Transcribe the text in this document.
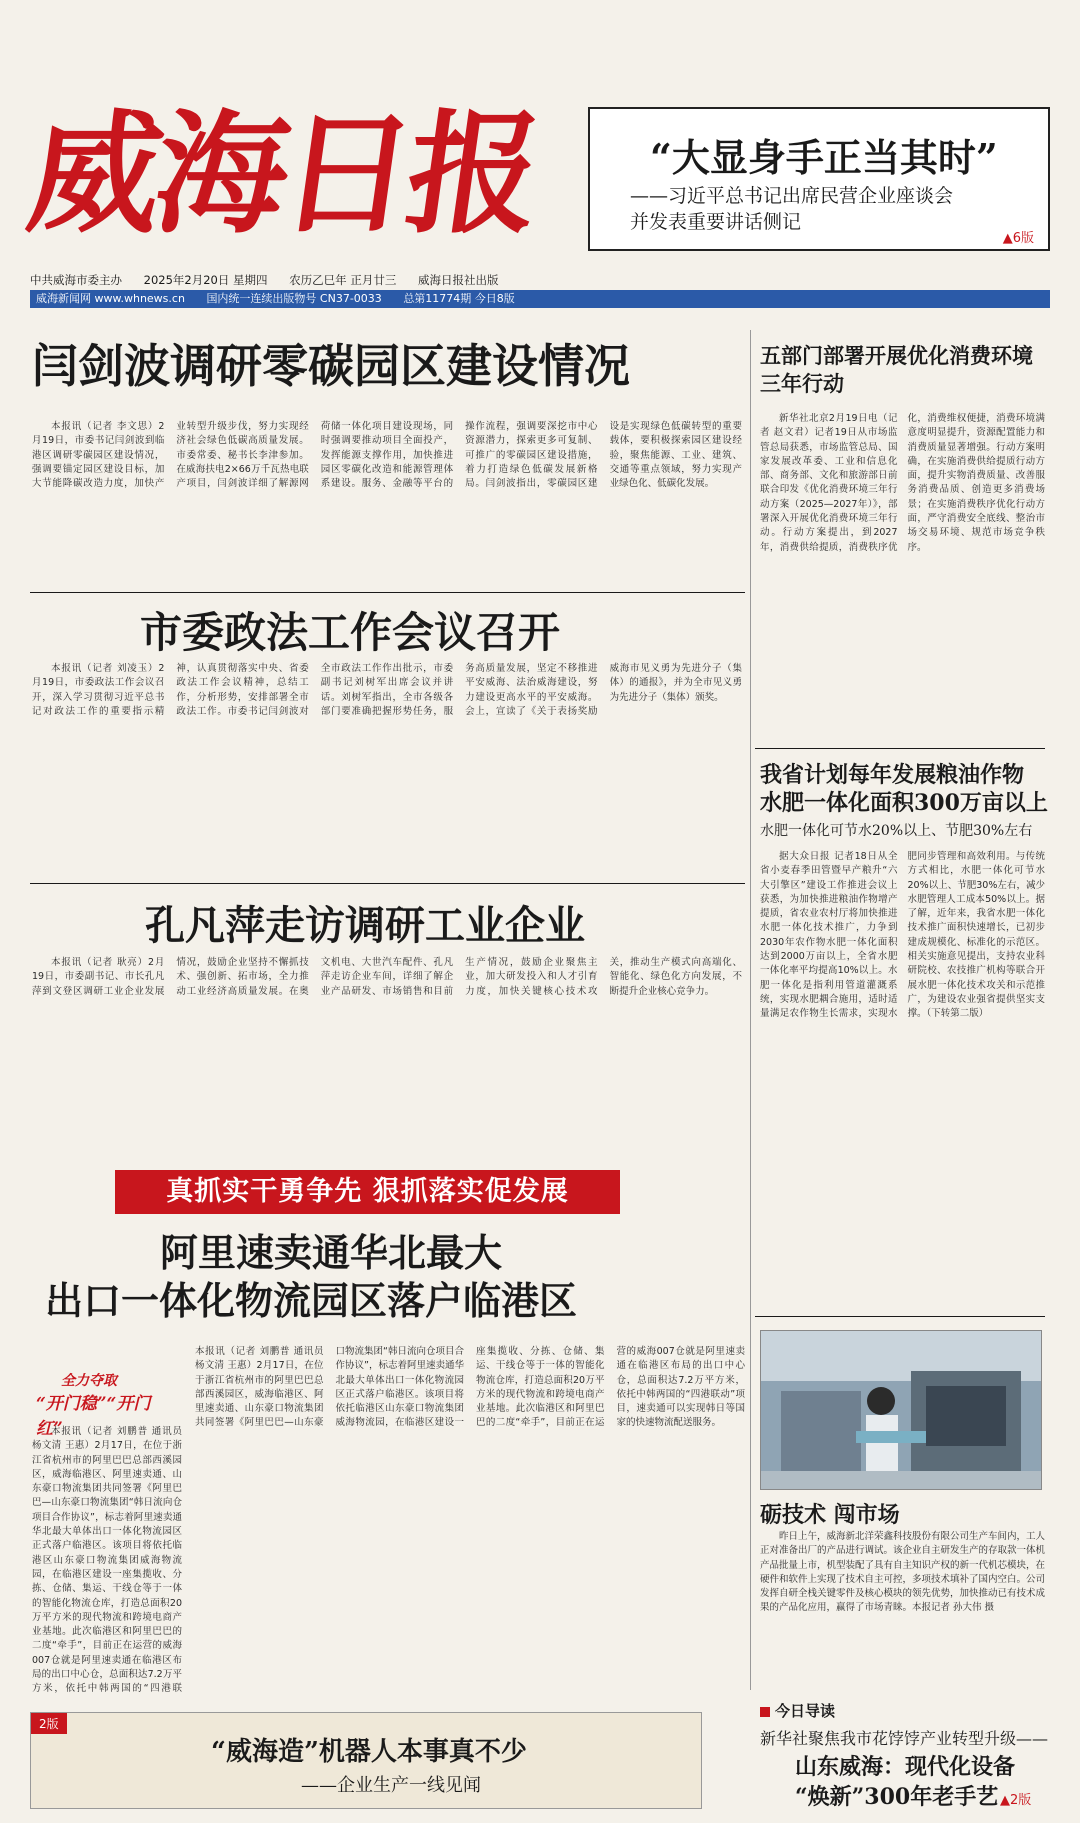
威海日报	“大显身手正当其时”
——习近平总书记出席民营企业座谈会
并发表重要讲话侧记
▲6版
中共威海市委主办 2025年2月20日 星期四 农历乙巳年 正月廿三 威海日报社出版
威海新闻网 www.whnews.cn 国内统一连续出版物号 CN37-0033 总第11774期 今日8版
闫剑波调研零碳园区建设情况
本报讯（记者 李文思）2月19日，市委书记闫剑波到临港区调研零碳园区建设情况，强调要锚定园区建设目标，加大节能降碳改造力度，加快产业转型升级步伐，努力实现经济社会绿色低碳高质量发展。市委常委、秘书长李津参加。在威海扶电2×66万千瓦热电联产项目，闫剑波详细了解源网荷储一体化项目建设现场，同时强调要推动项目全面投产，发挥能源支撑作用，加快推进园区零碳化改造和能源管理体系建设。服务、金融等平台的操作流程，强调要深挖市中心资源潜力，探索更多可复制、可推广的零碳园区建设措施，着力打造绿色低碳发展新格局。闫剑波指出，零碳园区建设是实现绿色低碳转型的重要载体，要积极探索园区建设经验，聚焦能源、工业、建筑、交通等重点领域，努力实现产业绿色化、低碳化发展。
市委政法工作会议召开
本报讯（记者 刘凌玉）2月19日，市委政法工作会议召开，深入学习贯彻习近平总书记对政法工作的重要指示精神，认真贯彻落实中央、省委政法工作会议精神，总结工作，分析形势，安排部署全市政法工作。市委书记闫剑波对全市政法工作作出批示，市委副书记刘树军出席会议并讲话。刘树军指出，全市各级各部门要准确把握形势任务，服务高质量发展，坚定不移推进平安威海、法治威海建设，努力建设更高水平的平安威海。会上，宣读了《关于表扬奖励威海市见义勇为先进分子（集体）的通报》，并为全市见义勇为先进分子（集体）颁奖。
孔凡萍走访调研工业企业
本报讯（记者 耿亮）2月19日，市委副书记、市长孔凡萍到文登区调研工业企业发展情况，鼓励企业坚持不懈抓技术、强创新、拓市场，全力推动工业经济高质量发展。在奥文机电、大世汽车配件、孔凡萍走访企业车间，详细了解企业产品研发、市场销售和目前生产情况，鼓励企业聚焦主业，加大研发投入和人才引育力度，加快关键核心技术攻关，推动生产模式向高端化、智能化、绿色化方向发展，不断提升企业核心竞争力。
真抓实干勇争先 狠抓落实促发展
阿里速卖通华北最大
出口一体化物流园区落户临港区
全力夺取
“开门稳”“开门红”
本报讯（记者 刘鹏普 通讯员 杨文清 王惠）2月17日，在位于浙江省杭州市的阿里巴巴总部西溪园区，威海临港区、阿里速卖通、山东豪口物流集团共同签署《阿里巴巴—山东豪口物流集团“韩日流向仓项目合作协议”，标志着阿里速卖通华北最大单体出口一体化物流园区正式落户临港区。该项目将依托临港区山东豪口物流集团威海物流园，在临港区建设一座集揽收、分拣、仓储、集运、干线仓等于一体的智能化物流仓库，打造总面积20万平方米的现代物流和跨境电商产业基地。此次临港区和阿里巴巴的二度“牵手”，目前正在运营的威海007仓就是阿里速卖通在临港区布局的出口中心仓，总面积达7.2万平方米，依托中韩两国的“四港联
本报讯（记者 刘鹏普 通讯员 杨文清 王惠）2月17日，在位于浙江省杭州市的阿里巴巴总部西溪园区，威海临港区、阿里速卖通、山东豪口物流集团共同签署《阿里巴巴—山东豪口物流集团“韩日流向仓项目合作协议”，标志着阿里速卖通华北最大单体出口一体化物流园区正式落户临港区。该项目将依托临港区山东豪口物流集团威海物流园，在临港区建设一座集揽收、分拣、仓储、集运、干线仓等于一体的智能化物流仓库，打造总面积20万平方米的现代物流和跨境电商产业基地。此次临港区和阿里巴巴的二度“牵手”，目前正在运营的威海007仓就是阿里速卖通在临港区布局的出口中心仓，总面积达7.2万平方米，依托中韩两国的“四港联动”项目，速卖通可以实现韩日等国家的快速物流配送服务。
五部门部署开展优化消费环境
三年行动
新华社北京2月19日电（记者 赵文君）记者19日从市场监管总局获悉，市场监管总局、国家发展改革委、工业和信息化部、商务部、文化和旅游部日前联合印发《优化消费环境三年行动方案（2025—2027年）》，部署深入开展优化消费环境三年行动。行动方案提出，到2027年，消费供给提质，消费秩序优化，消费维权便捷，消费环境满意度明显提升，资源配置能力和消费质量显著增强。行动方案明确，在实施消费供给提质行动方面，提升实物消费质量、改善服务消费品质、创造更多消费场景；在实施消费秩序优化行动方面，严守消费安全底线、整治市场交易环境、规范市场竞争秩序。
我省计划每年发展粮油作物
水肥一体化面积300万亩以上
水肥一体化可节水20%以上、节肥30%左右
据大众日报 记者18日从全省小麦春季田管暨早产粮升“六大引擎区”建设工作推进会议上获悉，为加快推进粮油作物增产提质，省农业农村厅将加快推进水肥一体化技术推广，力争到2030年农作物水肥一体化面积达到2000万亩以上，全省水肥一体化率平均提高10%以上。水肥一体化是指利用管道灌溉系统，实现水肥耦合施用，适时适量满足农作物生长需求，实现水肥同步管理和高效利用。与传统方式相比，水肥一体化可节水20%以上、节肥30%左右，减少水肥管理人工成本50%以上。据了解，近年来，我省水肥一体化技术推广面积快速增长，已初步建成规模化、标准化的示范区。相关实施意见提出，支持农业科研院校、农技推广机构等联合开展水肥一体化技术攻关和示范推广，为建设农业强省提供坚实支撑。（下转第二版）
砺技术 闯市场
昨日上午，威海新北洋荣鑫科技股份有限公司生产车间内，工人正对准备出厂的产品进行调试。该企业自主研发生产的存取款一体机产品批量上市，机型装配了具有自主知识产权的新一代机芯模块，在硬件和软件上实现了技术自主可控，多项技术填补了国内空白。公司发挥自研全栈关键零件及核心模块的领先优势，加快推动已有技术成果的产品化应用，赢得了市场青睐。本报记者 孙大伟 摄
2版
“威海造”机器人本事真不少
——企业生产一线见闻
今日导读
新华社聚焦我市花饽饽产业转型升级——
山东威海：现代化设备
“焕新”300年老手艺 ▲2版
